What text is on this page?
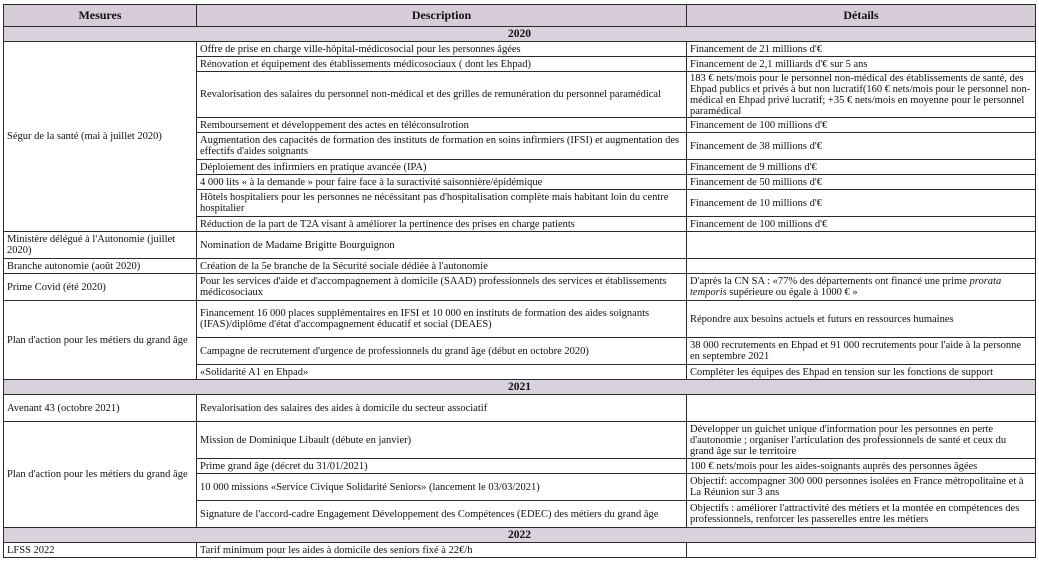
Mesures	Description	Détails
2020		
Ségur de la santé (mai à juillet 2020)	Offre de prise en charge ville-hôpital-médicosocial pour les personnes âgées	Financement de 21 millions d'€
	Rénovation et équipement des établissements médicosociaux ( dont les Ehpad)	Financement de 2,1 milliards d'€ sur 5 ans
	Revalorisation des salaires du personnel non-médical et des grilles de remunération du personnel paramédical	183 € nets/mois pour le personnel non-médical des établissements de santé, des Ehpad publics et privés à but non lucratif(160 € nets/mois pour le personnel non-médical en Ehpad privé lucratif; +35 € nets/mois en moyenne pour le personnel paramédical
	Remboursement et développement des actes en téléconsulrotion	Financement de 100 millions d'€
	Augmentation des capacités de formation des instituts de formation en soins infirmiers (IFSI) et augmentation des effectifs d'aides soignants	Financement de 38 millions d'€
	Déploiement des infirmiers en pratique avancée (IPA)	Financement de 9 millions d'€
	4 000 lits « à la demande » pour faire face à la suractivité saisonnière/épidémique	Financement de 50 millions d'€
	Hôtels hospitaliers pour les personnes ne nécéssitant pas d'hospitalisation complète mais habitant loin du centre hospitalier	Financement de 10 millions d'€
	Réduction de la part de T2A visant à améliorer la pertinence des prises en charge patients	Financement de 100 millions d'€
Ministère délégué à l'Autonomie (juillet 2020)	Nomination de Madame Brigitte Bourguignon	
Branche autonomie (août 2020)	Création de la 5e branche de la Sécurité sociale dédiée à l'autonomie	
Prime Covid (été 2020)	Pour les services d'aide et d'accompagnement à domicile (SAAD) professionnels des services et établissements médicosociaux	D'après la CN SA : «77% des départements ont financé une prime prorata temporis supérieure ou égale à 1000 € »
Plan d'action pour les métiers du grand âge	Financement 16 000 places supplémentaires en IFSI et 10 000 en instituts de formation des aides soignants (IFAS)/diplôme d'état d'accompagnement éducatif et social (DEAES)	Répondre aux besoins actuels et futurs en ressources humaines
	Campagne de recrutement d'urgence de professionnels du grand âge (début en octobre 2020)	38 000 recrutements en Ehpad et 91 000 recrutements pour l'aide à la personne en septembre 2021
	«Solidarité A1 en Ehpad»	Compléter les équipes des Ehpad en tension sur les fonctions de support
2021		
Avenant 43 (octobre 2021)	Revalorisation des salaires des aides à domicile du secteur associatif	
Plan d'action pour les métiers du grand âge	Mission de Dominique Libault (débute en janvier)	Développer un guichet unique d'information pour les personnes en perte d'autonomie ; organiser l'articulation des professionnels de santé et ceux du grand âge sur le territoire
	Prime grand âge (décret du 31/01/2021)	100 € nets/mois pour les aides-soignants auprès des personnes âgées
	10 000 missions «Service Civique Solidarité Seniors» (lancement le 03/03/2021)	Objectif: accompagner 300 000 personnes isolées en France métropolitaine et à La Réunion sur 3 ans
	Signature de l'accord-cadre Engagement Développement des Compétences (EDEC) des métiers du grand âge	Objectifs : améliorer l'attractivité des métiers et la montée en compétences des professionnels, renforcer les passerelles entre les métiers
2022		
LFSS 2022	Tarif minimum pour les aides à domicile des seniors fixé à 22€/h	
